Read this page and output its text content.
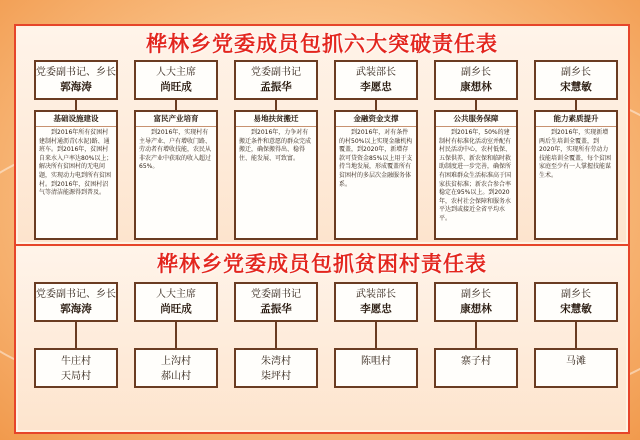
桦林乡党委成员包抓六大突破责任表
党委副书记、乡长
郭海涛
基础设施建设
到2016年所有贫困村建制村通沥青(水泥)路、通班车。到2016年，贫困村自来水入户率达80%以上；解决所有贫困村的无电问题，实现动力电到所有贫困村。到2016年，贫困村沼气等清洁能源得到普及。
人大主席
尚旺成
富民产业培育
到2016年，实现村有主导产业、户有增收门路、劳动者有增收技能，农民从非农产业中获取的收入超过65%。
党委副书记
孟振华
易地扶贫搬迁
到2016年，力争对有搬迁条件和意愿的群众完成搬迁，确保搬得出、稳得住、能发展、可致富。
武装部长
李愿忠
金融资金支撑
到2016年，对有条件的村50%以上实现金融机构覆盖，到2020年，新增存款可贷资金85%以上用于支持当地发展，形成覆盖所有贫困村的多层次金融服务体系。
副乡长
康想林
公共服务保障
到2016年，50%的建制村有标准化活动室并配有村民活动中心，农村低保、五保供养、新农保和临时救助制度进一步完善，确保所有困难群众生活标准高于国家扶贫标准；新农合参合率稳定在95%以上。到2020年，农村社会保障和服务水平达到或接近全省平均水平。
副乡长
宋慧敏
能力素质提升
到2016年，实现新增两后生培训全覆盖，到2020年，实现所有劳动力技能培训全覆盖，每个贫困家庭至少有一人掌握技能谋生术。
桦林乡党委成员包抓贫困村责任表
党委副书记、乡长
郭海涛
牛庄村
天局村
人大主席
尚旺成
上沟村
郝山村
党委副书记
孟振华
朱湾村
柒坪村
武装部长
李愿忠
陈咀村
副乡长
康想林
寨子村
副乡长
宋慧敏
马滩
